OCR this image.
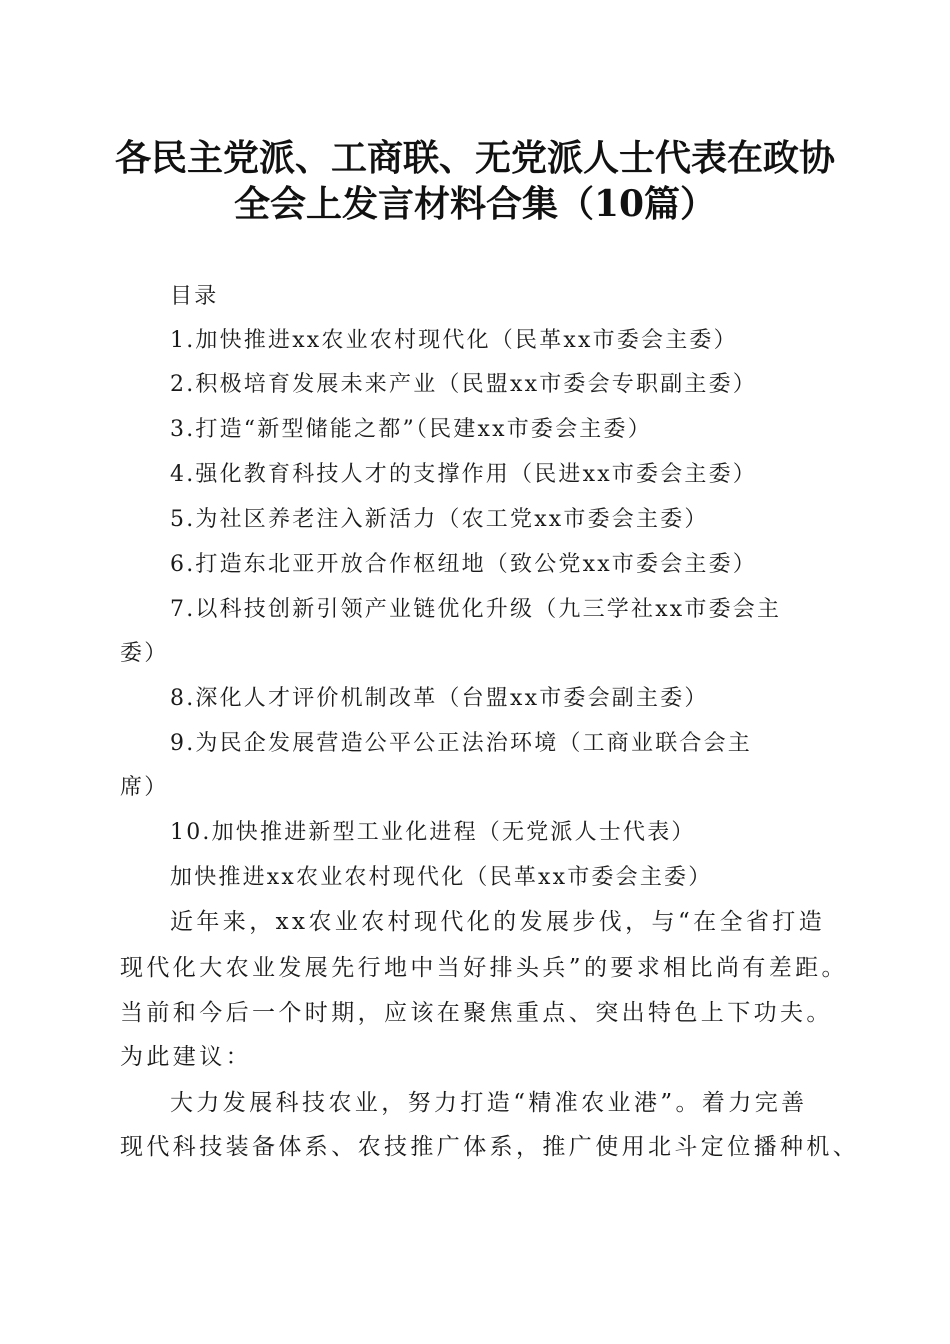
各民主党派、工商联、无党派人士代表在政协
全会上发言材料合集（10篇）
目录
1.加快推进xx农业农村现代化（民革xx市委会主委）
2.积极培育发展未来产业（民盟xx市委会专职副主委）
3.打造“新型储能之都”（民建xx市委会主委）
4.强化教育科技人才的支撑作用（民进xx市委会主委）
5.为社区养老注入新活力（农工党xx市委会主委）
6.打造东北亚开放合作枢纽地（致公党xx市委会主委）
7.以科技创新引领产业链优化升级（九三学社xx市委会主
委）
8.深化人才评价机制改革（台盟xx市委会副主委）
9.为民企发展营造公平公正法治环境（工商业联合会主
席）
10.加快推进新型工业化进程（无党派人士代表）
加快推进xx农业农村现代化（民革xx市委会主委）
近年来，xx农业农村现代化的发展步伐，与“在全省打造
现代化大农业发展先行地中当好排头兵”的要求相比尚有差距。
当前和今后一个时期，应该在聚焦重点、突出特色上下功夫。
为此建议：
大力发展科技农业，努力打造“精准农业港”。着力完善
现代科技装备体系、农技推广体系，推广使用北斗定位播种机、
